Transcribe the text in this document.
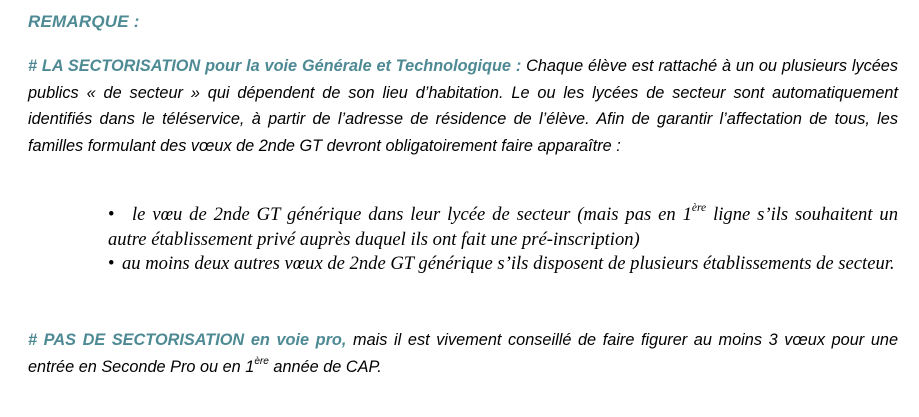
REMARQUE :

# LA SECTORISATION pour la voie Générale et Technologique : Chaque élève est rattaché à un ou plusieurs lycées publics « de secteur » qui dépendent de son lieu d’habitation. Le ou les lycées de secteur sont automatiquement identifiés dans le téléservice, à partir de l’adresse de résidence de l’élève. Afin de garantir l’affectation de tous, les familles formulant des vœux de 2nde GT devront obligatoirement faire apparaître :

• le vœu de 2nde GT générique dans leur lycée de secteur (mais pas en 1ère ligne s’ils souhaitent un autre établissement privé auprès duquel ils ont fait une pré-inscription)
• au moins deux autres vœux de 2nde GT générique s’ils disposent de plusieurs établissements de secteur.

# PAS DE SECTORISATION en voie pro, mais il est vivement conseillé de faire figurer au moins 3 vœux pour une entrée en Seconde Pro ou en 1ère année de CAP.
